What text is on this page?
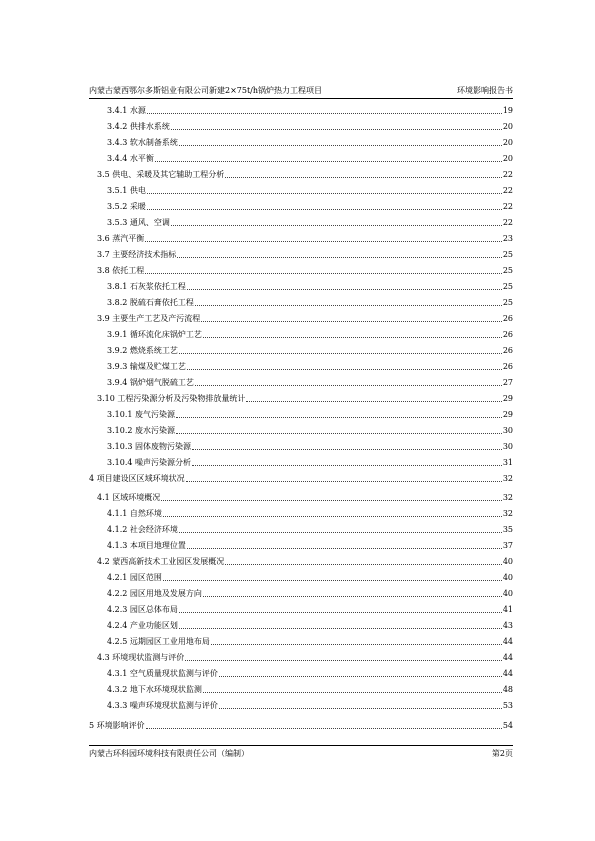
内蒙古蒙西鄂尔多斯铝业有限公司新建2×75t/h锅炉热力工程项目	环境影响报告书
3.4.1 水源	19
3.4.2 供排水系统	20
3.4.3 软水制备系统	20
3.4.4 水平衡	20
3.5 供电、采暖及其它辅助工程分析	22
3.5.1 供电	22
3.5.2 采暖	22
3.5.3 通风、空调	22
3.6 蒸汽平衡	23
3.7 主要经济技术指标	25
3.8 依托工程	25
3.8.1 石灰浆依托工程	25
3.8.2 脱硫石膏依托工程	25
3.9 主要生产工艺及产污流程	26
3.9.1 循环流化床锅炉工艺	26
3.9.2 燃烧系统工艺	26
3.9.3 输煤及贮煤工艺	26
3.9.4 锅炉烟气脱硫工艺	27
3.10 工程污染源分析及污染物排放量统计	29
3.10.1 废气污染源	29
3.10.2 废水污染源	30
3.10.3 固体废物污染源	30
3.10.4 噪声污染源分析	31
4 项目建设区区域环境状况	32
4.1 区域环境概况	32
4.1.1 自然环境	32
4.1.2 社会经济环境	35
4.1.3 本项目地理位置	37
4.2 蒙西高新技术工业园区发展概况	40
4.2.1 园区范围	40
4.2.2 园区用地及发展方向	40
4.2.3 园区总体布局	41
4.2.4 产业功能区划	43
4.2.5 远期园区工业用地布局	44
4.3 环境现状监测与评价	44
4.3.1 空气质量现状监测与评价	44
4.3.2 地下水环境现状监测	48
4.3.3 噪声环境现状监测与评价	53
5 环境影响评价	54
内蒙古环科园环境科技有限责任公司（编制）	第2页
